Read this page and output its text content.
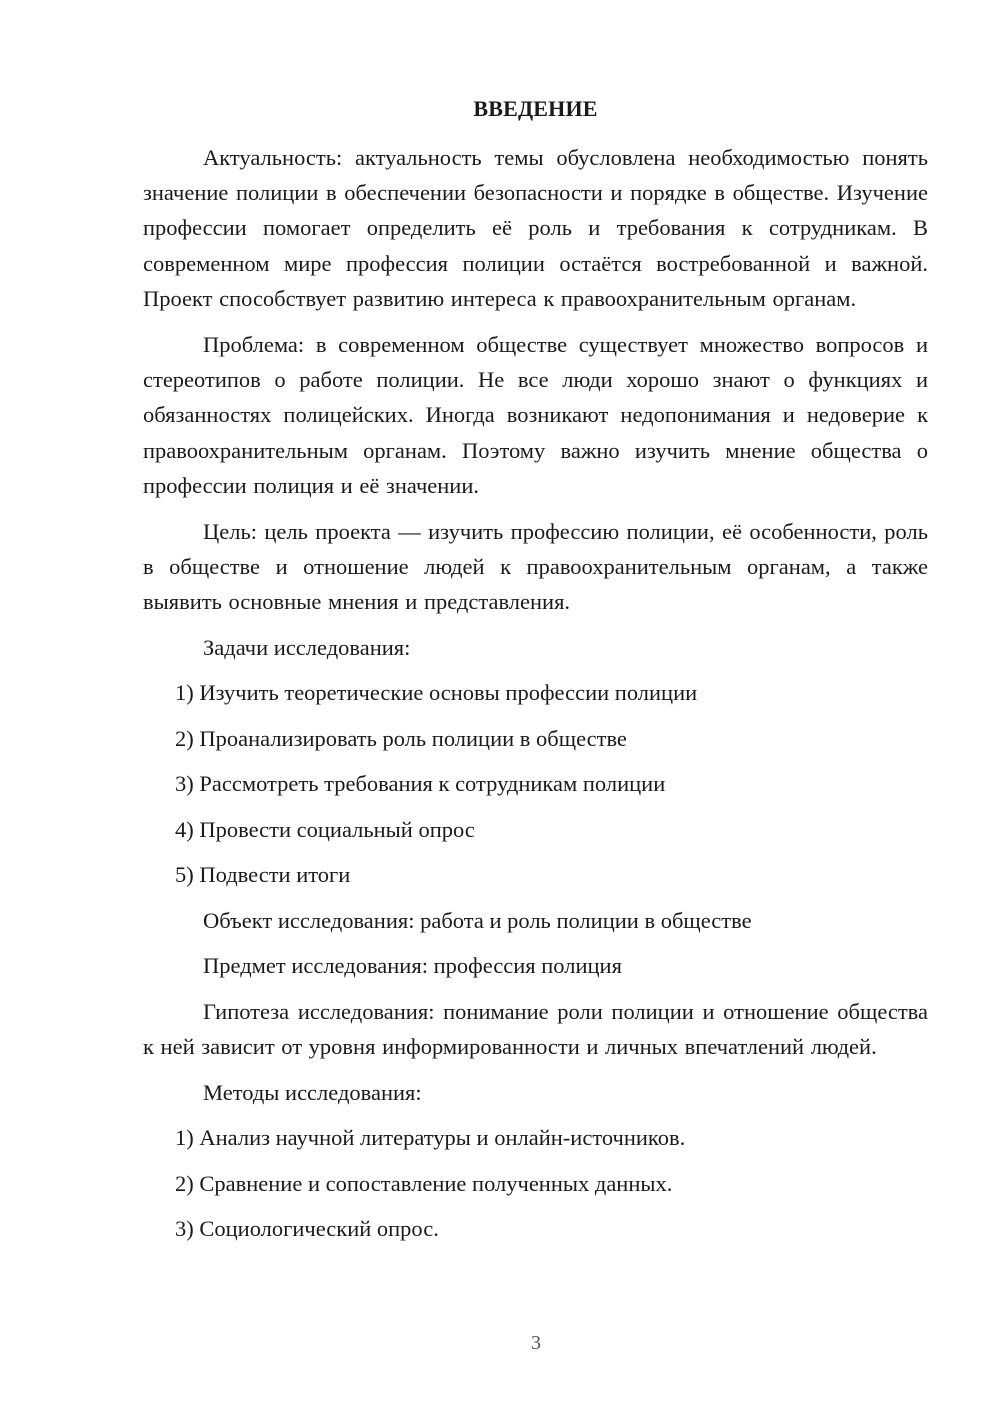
ВВЕДЕНИЕ

Актуальность: актуальность темы обусловлена необходимостью понять значение полиции в обеспечении безопасности и порядке в обществе. Изучение профессии помогает определить её роль и требования к сотрудникам. В современном мире профессия полиции остаётся востребованной и важной. Проект способствует развитию интереса к правоохранительным органам.

Проблема: в современном обществе существует множество вопросов и стереотипов о работе полиции. Не все люди хорошо знают о функциях и обязанностях полицейских. Иногда возникают недопонимания и недоверие к правоохранительным органам. Поэтому важно изучить мнение общества о профессии полиция и её значении.

Цель: цель проекта — изучить профессию полиции, её особенности, роль в обществе и отношение людей к правоохранительным органам, а также выявить основные мнения и представления.

Задачи исследования:

1) Изучить теоретические основы профессии полиции

2) Проанализировать роль полиции в обществе

3) Рассмотреть требования к сотрудникам полиции

4) Провести социальный опрос

5) Подвести итоги

Объект исследования: работа и роль полиции в обществе

Предмет исследования: профессия полиция

Гипотеза исследования: понимание роли полиции и отношение общества к ней зависит от уровня информированности и личных впечатлений людей.

Методы исследования:

1) Анализ научной литературы и онлайн-источников.

2) Сравнение и сопоставление полученных данных.

3) Социологический опрос.

3
